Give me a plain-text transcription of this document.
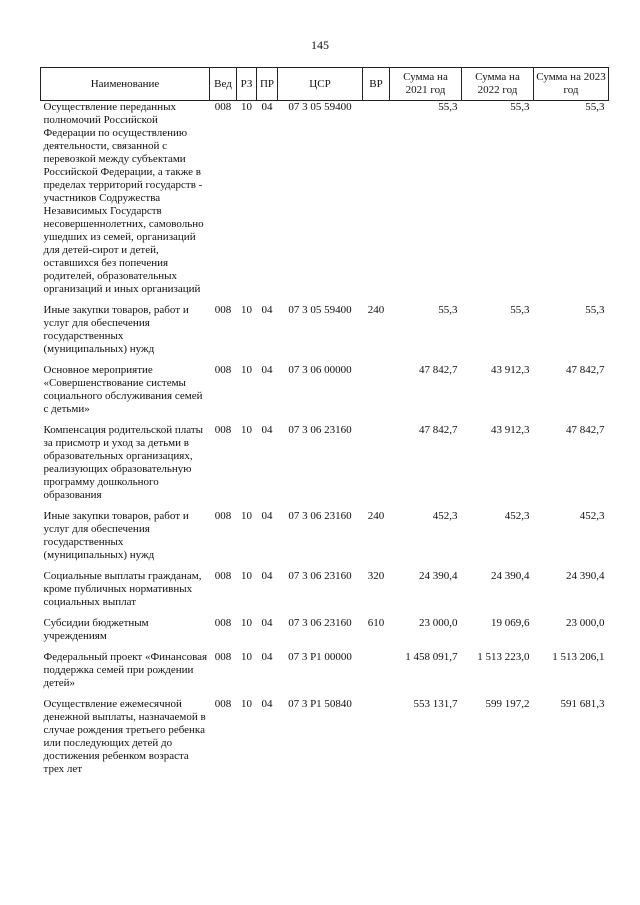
145
Наименование	Вед	РЗ	ПР	ЦСР	ВР	Сумма на 2021 год	Сумма на 2022 год	Сумма на 2023 год
Осуществление переданных полномочий Российской Федерации по осуществлению деятельности, связанной с перевозкой между субъектами Российской Федерации, а также в пределах территорий государств - участников Содружества Независимых Государств несовершеннолетних, самовольно ушедших из семей, организаций для детей-сирот и детей, оставшихся без попечения родителей, образовательных организаций и иных организаций	008	10	04	07 3 05 59400		55,3	55,3	55,3
Иные закупки товаров, работ и услуг для обеспечения государственных (муниципальных) нужд	008	10	04	07 3 05 59400	240	55,3	55,3	55,3
Основное мероприятие «Совершенствование системы социального обслуживания семей с детьми»	008	10	04	07 3 06 00000		47 842,7	43 912,3	47 842,7
Компенсация родительской платы за присмотр и уход за детьми в образовательных организациях, реализующих образовательную программу дошкольного образования	008	10	04	07 3 06 23160		47 842,7	43 912,3	47 842,7
Иные закупки товаров, работ и услуг для обеспечения государственных (муниципальных) нужд	008	10	04	07 3 06 23160	240	452,3	452,3	452,3
Социальные выплаты гражданам, кроме публичных нормативных социальных выплат	008	10	04	07 3 06 23160	320	24 390,4	24 390,4	24 390,4
Субсидии бюджетным учреждениям	008	10	04	07 3 06 23160	610	23 000,0	19 069,6	23 000,0
Федеральный проект «Финансовая поддержка семей при рождении детей»	008	10	04	07 3 P1 00000		1 458 091,7	1 513 223,0	1 513 206,1
Осуществление ежемесячной денежной выплаты, назначаемой в случае рождения третьего ребенка или последующих детей до достижения ребенком возраста трех лет	008	10	04	07 3 P1 50840		553 131,7	599 197,2	591 681,3
